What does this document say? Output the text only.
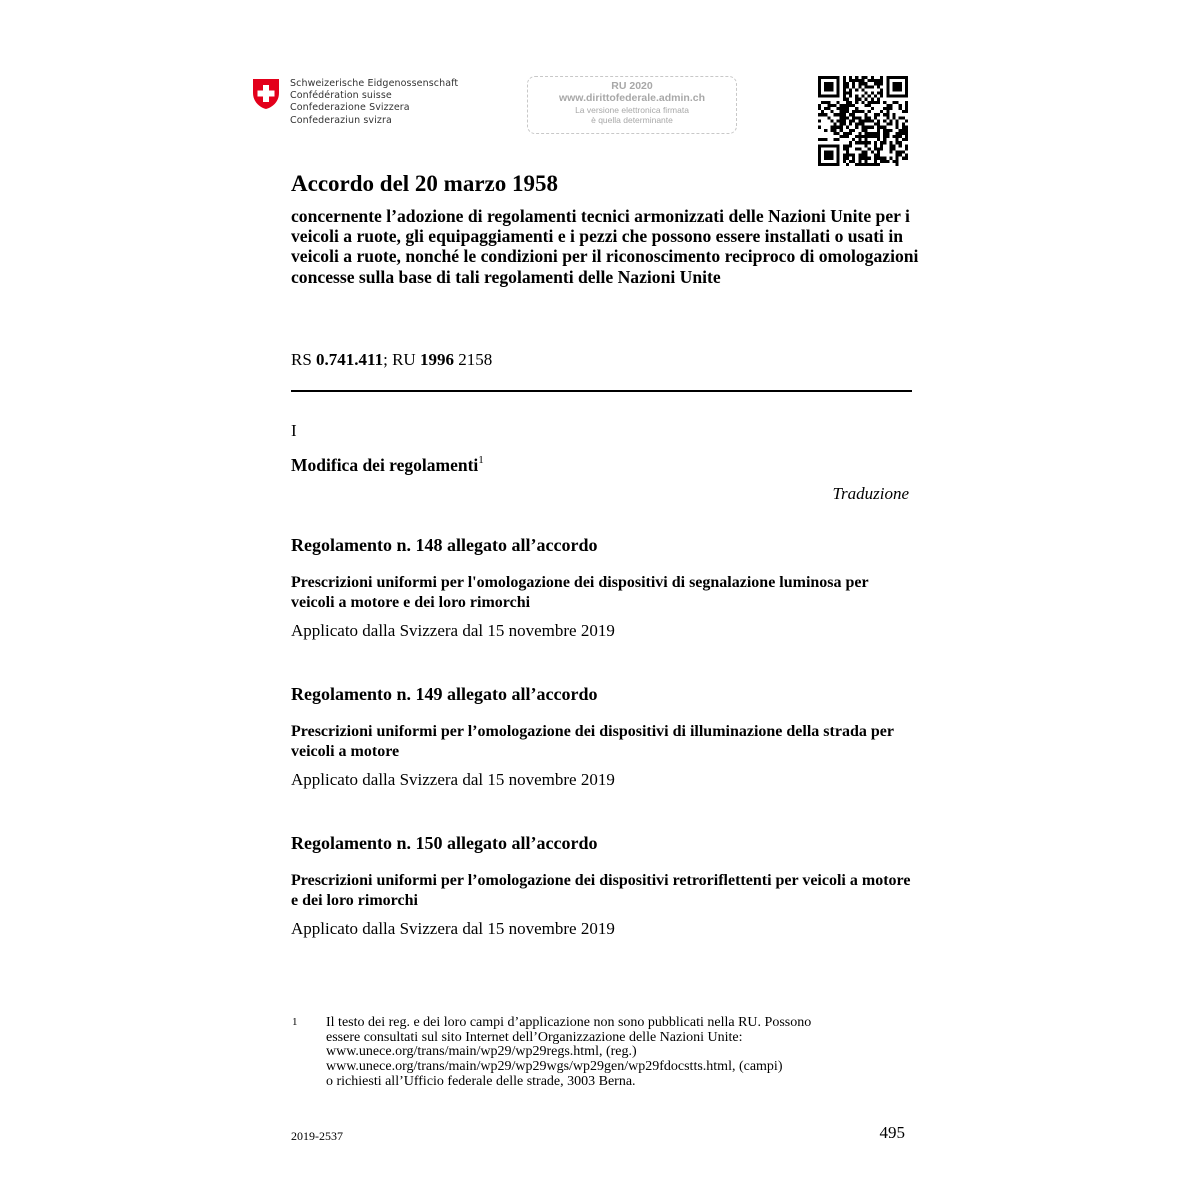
Schweizerische Eidgenossenschaft
Confédération suisse
Confederazione Svizzera
Confederaziun svizra
RU 2020
www.dirittofederale.admin.ch
La versione elettronica firmata
è quella determinante
Accordo del 20 marzo 1958
concernente l’adozione di regolamenti tecnici armonizzati delle Nazioni Unite per i veicoli a ruote, gli equipaggiamenti e i pezzi che possono essere installati o usati in veicoli a ruote, nonché le condizioni per il riconoscimento reciproco di omologazioni concesse sulla base di tali regolamenti delle Nazioni Unite
RS 0.741.411; RU 1996 2158
I
Modifica dei regolamenti$^1$
Traduzione
Regolamento n. 148 allegato all’accordo
Prescrizioni uniformi per l'omologazione dei dispositivi di segnalazione luminosa per veicoli a motore e dei loro rimorchi
Applicato dalla Svizzera dal 15 novembre 2019
Regolamento n. 149 allegato all’accordo
Prescrizioni uniformi per l’omologazione dei dispositivi di illuminazione della strada per veicoli a motore
Applicato dalla Svizzera dal 15 novembre 2019
Regolamento n. 150 allegato all’accordo
Prescrizioni uniformi per l’omologazione dei dispositivi retroriflettenti per veicoli a motore e dei loro rimorchi
Applicato dalla Svizzera dal 15 novembre 2019
1 Il testo dei reg. e dei loro campi d’applicazione non sono pubblicati nella RU. Possono
essere consultati sul sito Internet dell’Organizzazione delle Nazioni Unite:
www.unece.org/trans/main/wp29/wp29regs.html, (reg.)
www.unece.org/trans/main/wp29/wp29wgs/wp29gen/wp29fdocstts.html, (campi)
o richiesti all’Ufficio federale delle strade, 3003 Berna.
2019-2537	495
